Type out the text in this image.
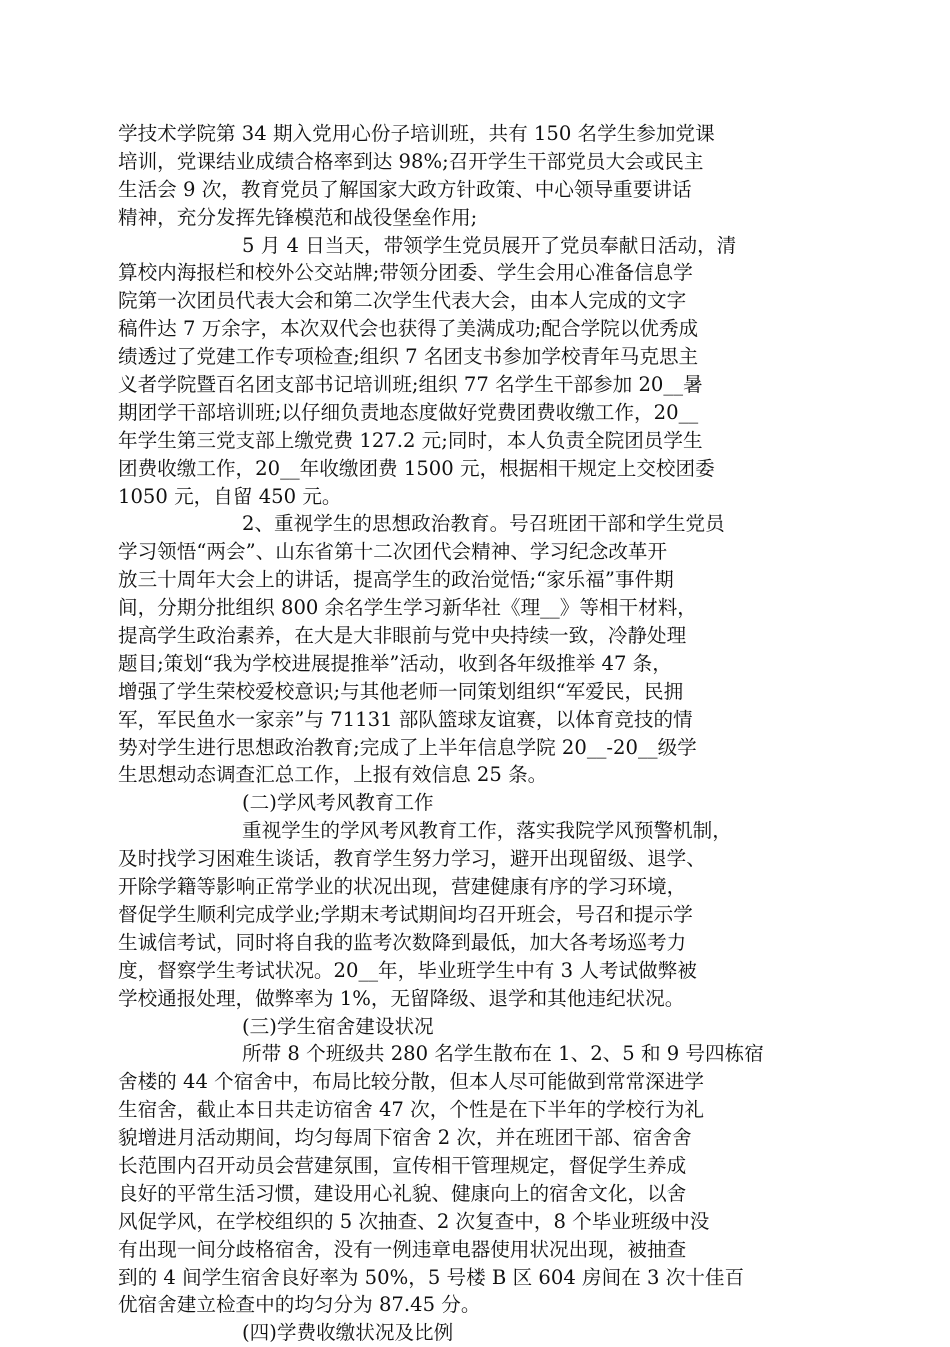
学技术学院第 34 期入党用心份子培训班，共有 150 名学生参加党课
培训，党课结业成绩合格率到达 98%;召开学生干部党员大会或民主
生活会 9 次，教育党员了解国家大政方针政策、中心领导重要讲话
精神，充分发挥先锋模范和战役堡垒作用;
5 月 4 日当天，带领学生党员展开了党员奉献日活动，清
算校内海报栏和校外公交站牌;带领分团委、学生会用心准备信息学
院第一次团员代表大会和第二次学生代表大会，由本人完成的文字
稿件达 7 万余字，本次双代会也获得了美满成功;配合学院以优秀成
绩透过了党建工作专项检查;组织 7 名团支书参加学校青年马克思主
义者学院暨百名团支部书记培训班;组织 77 名学生干部参加 20__暑
期团学干部培训班;以仔细负责地态度做好党费团费收缴工作，20__
年学生第三党支部上缴党费 127.2 元;同时，本人负责全院团员学生
团费收缴工作，20__年收缴团费 1500 元，根据相干规定上交校团委
1050 元，自留 450 元。
2、重视学生的思想政治教育。号召班团干部和学生党员
学习领悟“两会”、山东省第十二次团代会精神、学习纪念改革开
放三十周年大会上的讲话，提高学生的政治觉悟;“家乐福”事件期
间，分期分批组织 800 余名学生学习新华社《理__》等相干材料，
提高学生政治素养，在大是大非眼前与党中央持续一致，冷静处理
题目;策划“我为学校进展提推举”活动，收到各年级推举 47 条，
增强了学生荣校爱校意识;与其他老师一同策划组织“军爱民，民拥
军，军民鱼水一家亲”与 71131 部队篮球友谊赛，以体育竞技的情
势对学生进行思想政治教育;完成了上半年信息学院 20__-20__级学
生思想动态调查汇总工作，上报有效信息 25 条。
(二)学风考风教育工作
重视学生的学风考风教育工作，落实我院学风预警机制，
及时找学习困难生谈话，教育学生努力学习，避开出现留级、退学、
开除学籍等影响正常学业的状况出现，营建健康有序的学习环境，
督促学生顺利完成学业;学期末考试期间均召开班会，号召和提示学
生诚信考试，同时将自我的监考次数降到最低，加大各考场巡考力
度，督察学生考试状况。20__年，毕业班学生中有 3 人考试做弊被
学校通报处理，做弊率为 1%，无留降级、退学和其他违纪状况。
(三)学生宿舍建设状况
所带 8 个班级共 280 名学生散布在 1、2、5 和 9 号四栋宿
舍楼的 44 个宿舍中，布局比较分散，但本人尽可能做到常常深进学
生宿舍，截止本日共走访宿舍 47 次，个性是在下半年的学校行为礼
貌增进月活动期间，均匀每周下宿舍 2 次，并在班团干部、宿舍舍
长范围内召开动员会营建氛围，宣传相干管理规定，督促学生养成
良好的平常生活习惯，建设用心礼貌、健康向上的宿舍文化，以舍
风促学风，在学校组织的 5 次抽查、2 次复查中，8 个毕业班级中没
有出现一间分歧格宿舍，没有一例违章电器使用状况出现，被抽查
到的 4 间学生宿舍良好率为 50%，5 号楼 B 区 604 房间在 3 次十佳百
优宿舍建立检查中的均匀分为 87.45 分。
(四)学费收缴状况及比例
